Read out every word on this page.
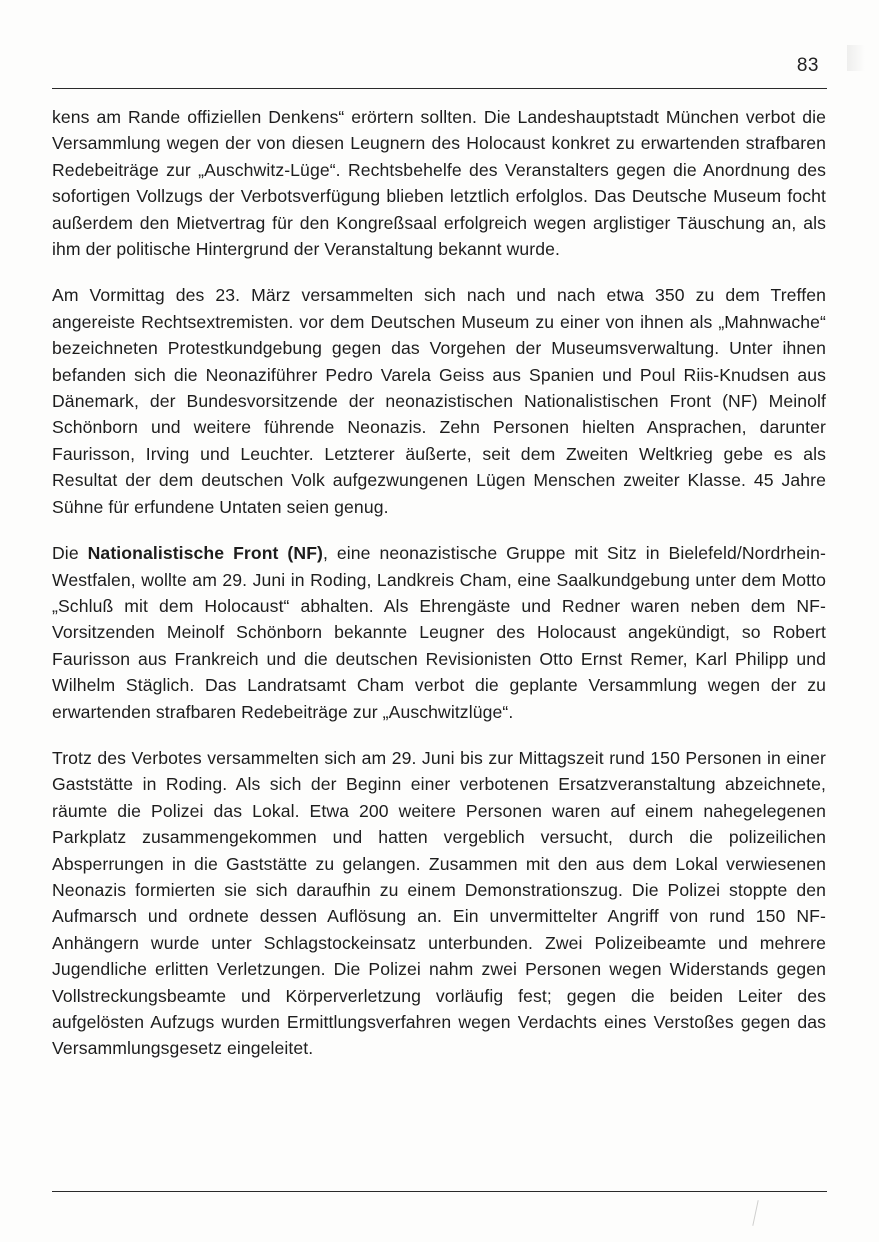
83

kens am Rande offiziellen Denkens“ erörtern sollten. Die Landeshauptstadt München verbot die Versammlung wegen der von diesen Leugnern des Holocaust konkret zu erwartenden strafbaren Redebeiträge zur „Auschwitz-Lüge“. Rechtsbehelfe des Veranstalters gegen die Anordnung des sofortigen Vollzugs der Verbotsverfügung blieben letztlich erfolglos. Das Deutsche Museum focht außerdem den Mietvertrag für den Kongreßsaal erfolgreich wegen arglistiger Täuschung an, als ihm der politische Hintergrund der Veranstaltung bekannt wurde.

Am Vormittag des 23. März versammelten sich nach und nach etwa 350 zu dem Treffen angereiste Rechtsextremisten. vor dem Deutschen Museum zu einer von ihnen als „Mahnwache“ bezeichneten Protestkundgebung gegen das Vorgehen der Museumsverwaltung. Unter ihnen befanden sich die Neonaziführer Pedro Varela Geiss aus Spanien und Poul Riis-Knudsen aus Dänemark, der Bundesvorsitzende der neonazistischen Nationalistischen Front (NF) Meinolf Schönborn und weitere führende Neonazis. Zehn Personen hielten Ansprachen, darunter Faurisson, Irving und Leuchter. Letzterer äußerte, seit dem Zweiten Weltkrieg gebe es als Resultat der dem deutschen Volk aufgezwungenen Lügen Menschen zweiter Klasse. 45 Jahre Sühne für erfundene Untaten seien genug.

Die Nationalistische Front (NF), eine neonazistische Gruppe mit Sitz in Bielefeld/Nordrhein-Westfalen, wollte am 29. Juni in Roding, Landkreis Cham, eine Saalkundgebung unter dem Motto „Schluß mit dem Holocaust“ abhalten. Als Ehrengäste und Redner waren neben dem NF-Vorsitzenden Meinolf Schönborn bekannte Leugner des Holocaust angekündigt, so Robert Faurisson aus Frankreich und die deutschen Revisionisten Otto Ernst Remer, Karl Philipp und Wilhelm Stäglich. Das Landratsamt Cham verbot die geplante Versammlung wegen der zu erwartenden strafbaren Redebeiträge zur „Auschwitzlüge“.

Trotz des Verbotes versammelten sich am 29. Juni bis zur Mittagszeit rund 150 Personen in einer Gaststätte in Roding. Als sich der Beginn einer verbotenen Ersatzveranstaltung abzeichnete, räumte die Polizei das Lokal. Etwa 200 weitere Personen waren auf einem nahegelegenen Parkplatz zusammengekommen und hatten vergeblich versucht, durch die polizeilichen Absperrungen in die Gaststätte zu gelangen. Zusammen mit den aus dem Lokal verwiesenen Neonazis formierten sie sich daraufhin zu einem Demonstrationszug. Die Polizei stoppte den Aufmarsch und ordnete dessen Auflösung an. Ein unvermittelter Angriff von rund 150 NF-Anhängern wurde unter Schlagstockeinsatz unterbunden. Zwei Polizeibeamte und mehrere Jugendliche erlitten Verletzungen. Die Polizei nahm zwei Personen wegen Widerstands gegen Vollstreckungsbeamte und Körperverletzung vorläufig fest; gegen die beiden Leiter des aufgelösten Aufzugs wurden Ermittlungsverfahren wegen Verdachts eines Verstoßes gegen das Versammlungsgesetz eingeleitet.
